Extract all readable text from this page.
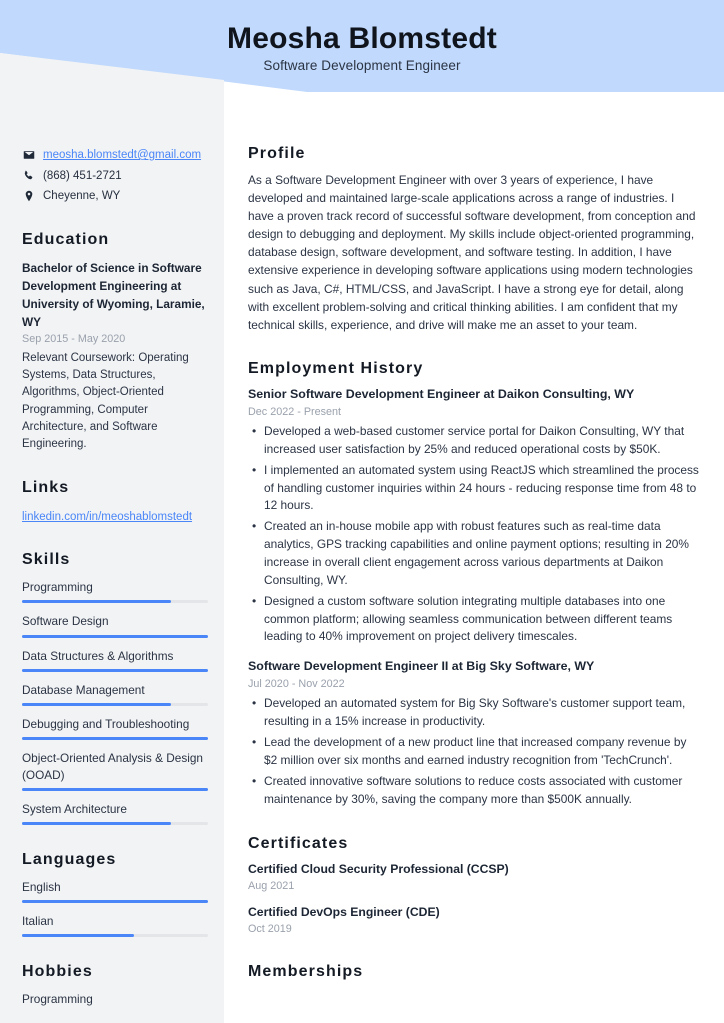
Meosha Blomstedt
Software Development Engineer
meosha.blomstedt@gmail.com
(868) 451-2721
Cheyenne, WY
Education
Bachelor of Science in Software Development Engineering at University of Wyoming, Laramie, WY
Sep 2015 - May 2020
Relevant Coursework: Operating Systems, Data Structures, Algorithms, Object-Oriented Programming, Computer Architecture, and Software Engineering.
Links
linkedin.com/in/meoshablomstedt
Skills
Programming
Software Design
Data Structures & Algorithms
Database Management
Debugging and Troubleshooting
Object-Oriented Analysis & Design (OOAD)
System Architecture
Languages
English
Italian
Hobbies
Programming
Profile
As a Software Development Engineer with over 3 years of experience, I have developed and maintained large-scale applications across a range of industries. I have a proven track record of successful software development, from conception and design to debugging and deployment. My skills include object-oriented programming, database design, software development, and software testing. In addition, I have extensive experience in developing software applications using modern technologies such as Java, C#, HTML/CSS, and JavaScript. I have a strong eye for detail, along with excellent problem-solving and critical thinking abilities. I am confident that my technical skills, experience, and drive will make me an asset to your team.
Employment History
Senior Software Development Engineer at Daikon Consulting, WY
Dec 2022 - Present
• Developed a web-based customer service portal for Daikon Consulting, WY that increased user satisfaction by 25% and reduced operational costs by $50K.
• I implemented an automated system using ReactJS which streamlined the process of handling customer inquiries within 24 hours - reducing response time from 48 to 12 hours.
• Created an in-house mobile app with robust features such as real-time data analytics, GPS tracking capabilities and online payment options; resulting in 20% increase in overall client engagement across various departments at Daikon Consulting, WY.
• Designed a custom software solution integrating multiple databases into one common platform; allowing seamless communication between different teams leading to 40% improvement on project delivery timescales.
Software Development Engineer II at Big Sky Software, WY
Jul 2020 - Nov 2022
• Developed an automated system for Big Sky Software's customer support team, resulting in a 15% increase in productivity.
• Lead the development of a new product line that increased company revenue by $2 million over six months and earned industry recognition from 'TechCrunch'.
• Created innovative software solutions to reduce costs associated with customer maintenance by 30%, saving the company more than $500K annually.
Certificates
Certified Cloud Security Professional (CCSP)
Aug 2021
Certified DevOps Engineer (CDE)
Oct 2019
Memberships
